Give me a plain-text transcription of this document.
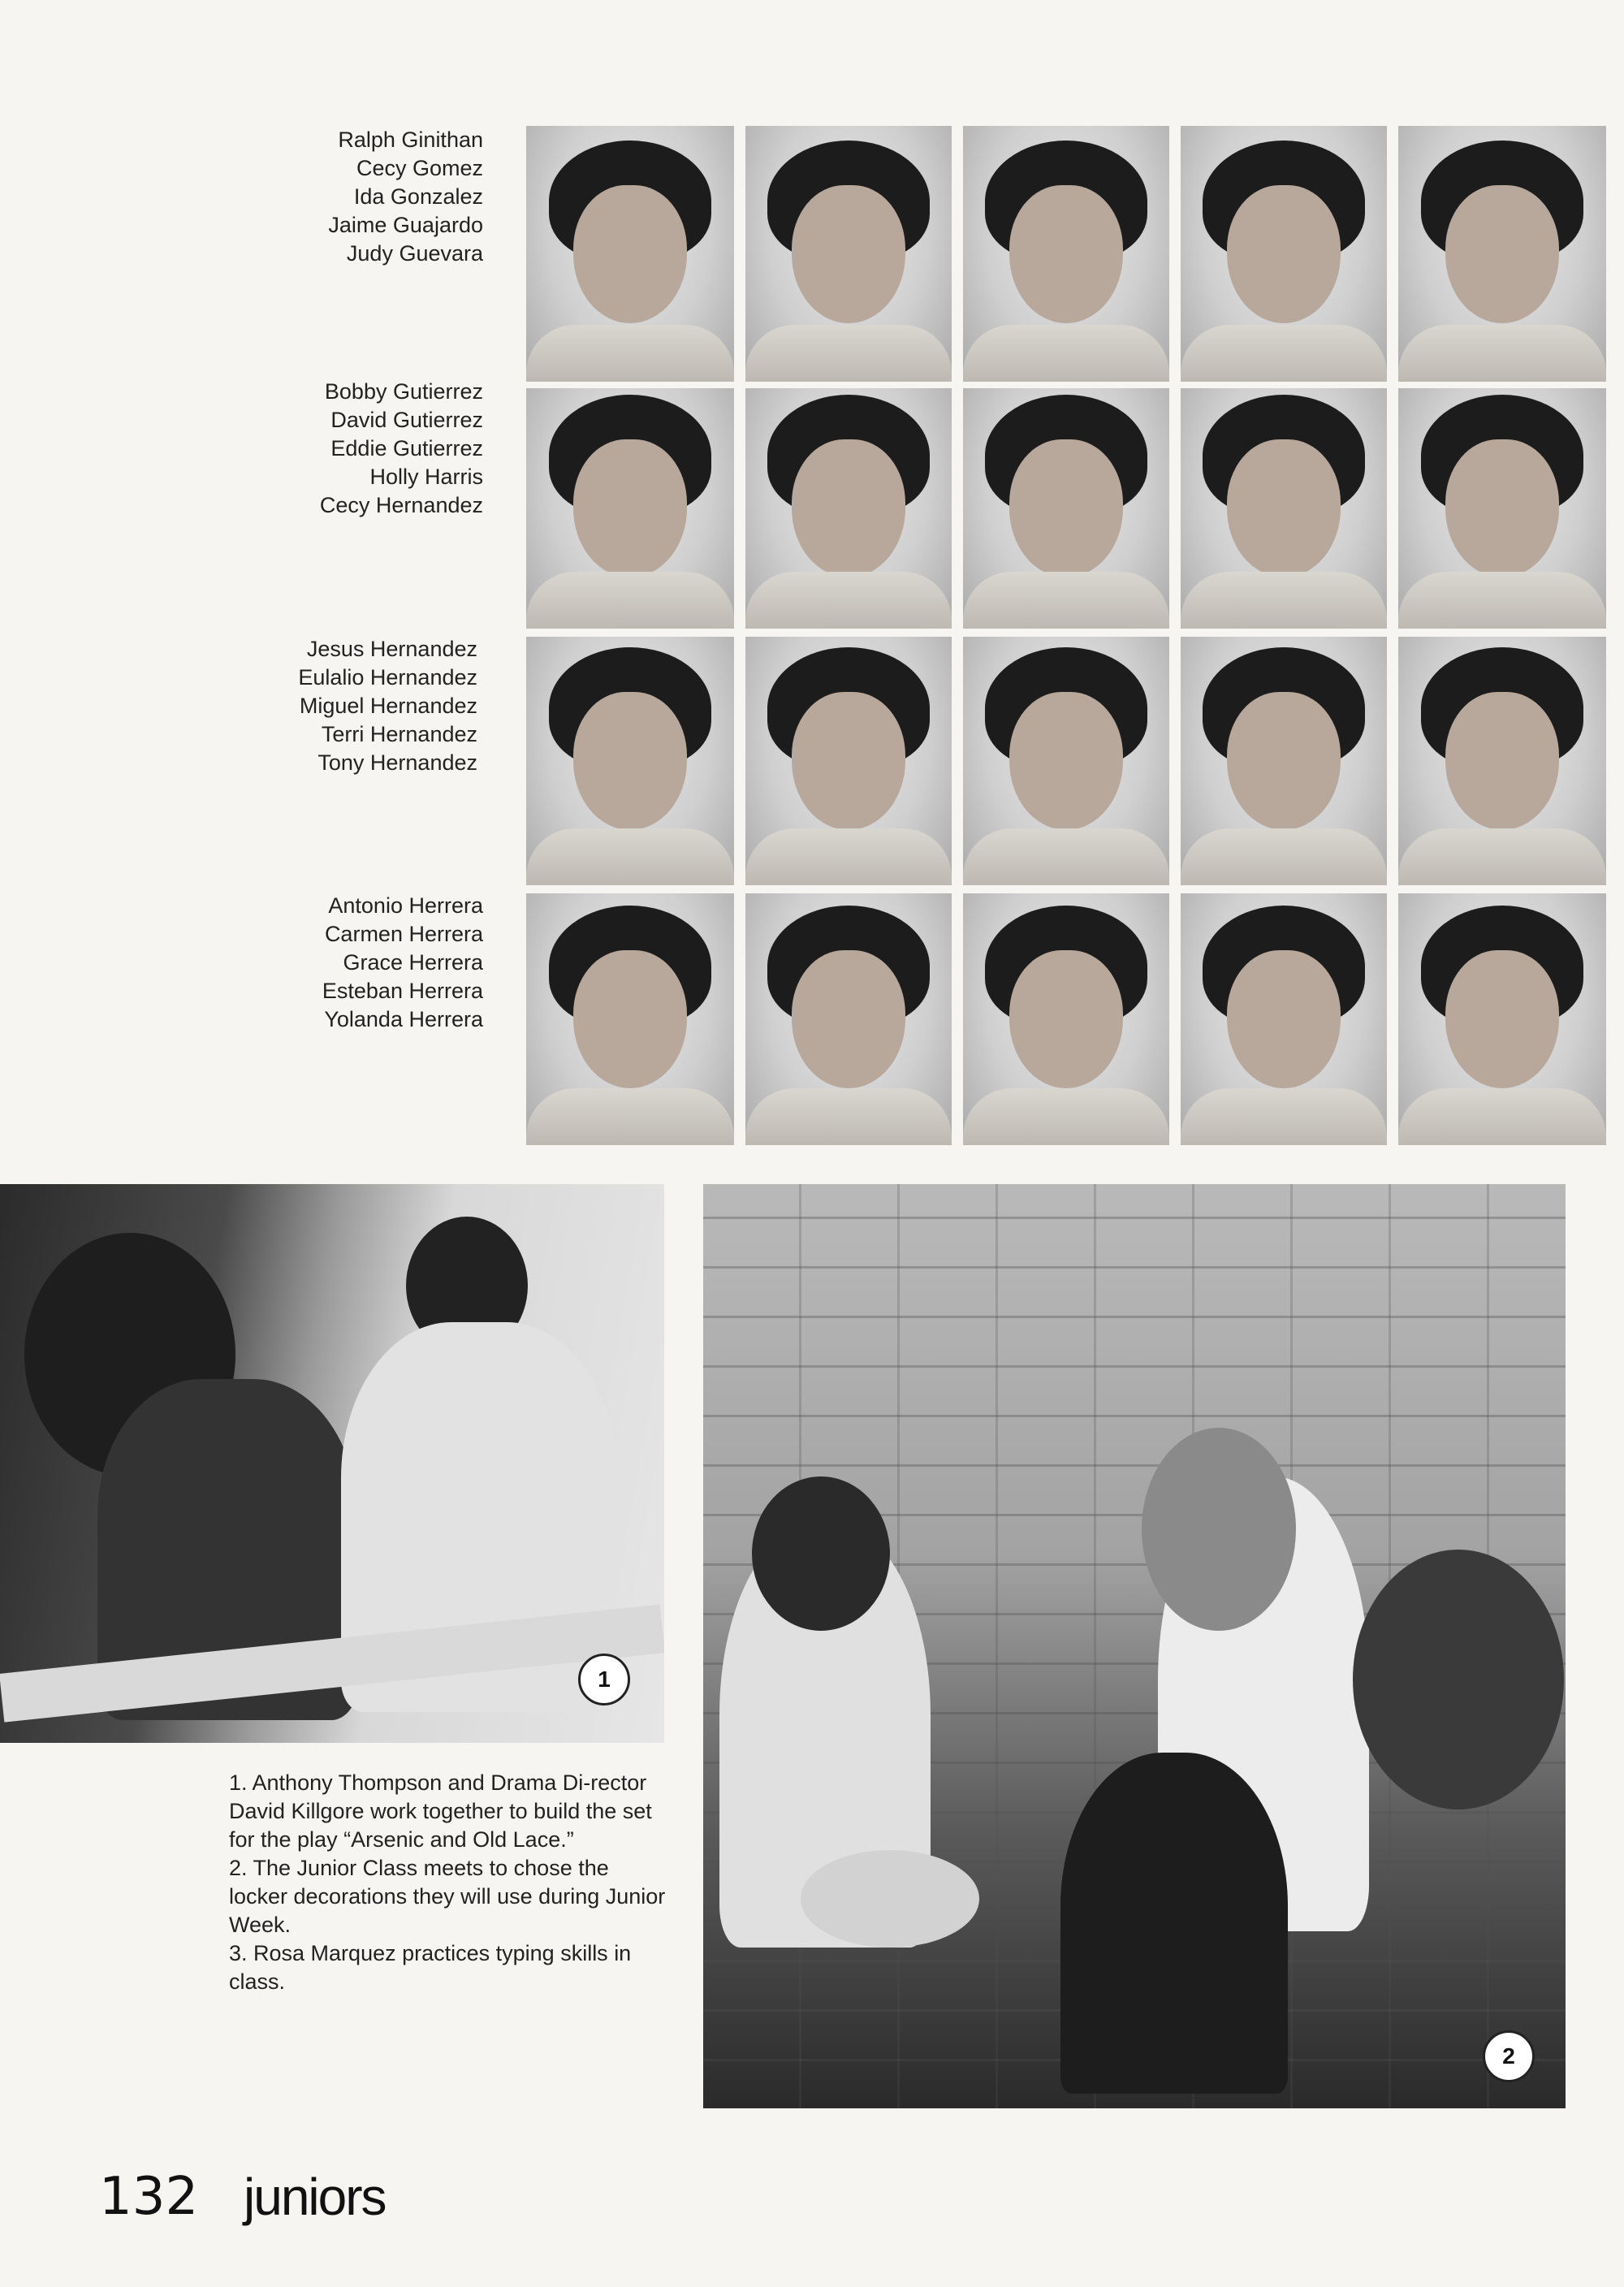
Ralph Ginithan
Cecy Gomez
Ida Gonzalez
Jaime Guajardo
Judy Guevara
Bobby Gutierrez
David Gutierrez
Eddie Gutierrez
Holly Harris
Cecy Hernandez
Jesus Hernandez
Eulalio Hernandez
Miguel Hernandez
Terri Hernandez
Tony Hernandez
Antonio Herrera
Carmen Herrera
Grace Herrera
Esteban Herrera
Yolanda Herrera
1
2

1. Anthony Thompson and Drama Di-rector David Killgore work together to build the set for the play “Arsenic and Old Lace.”

2. The Junior Class meets to chose the locker decorations they will use during Junior Week.

3. Rosa Marquez practices typing skills in class.

132 juniors
